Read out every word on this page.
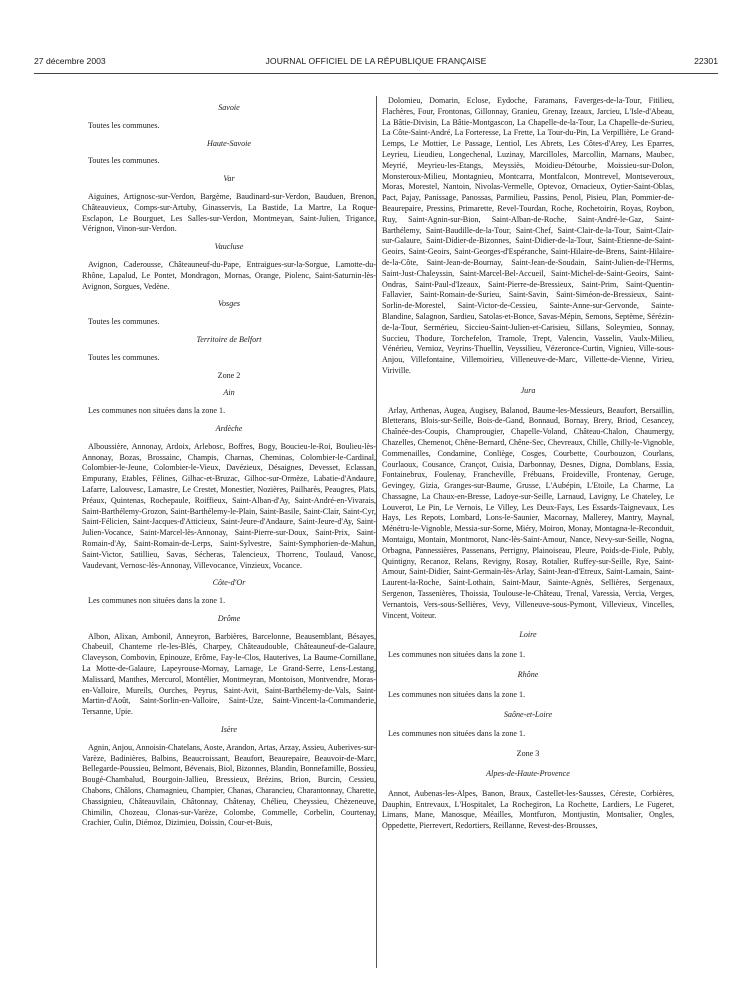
27 décembre 2003	JOURNAL OFFICIEL DE LA RÉPUBLIQUE FRANÇAISE	22301
Savoie
Toutes les communes.
Haute-Savoie
Toutes les communes.
Var
Aiguines, Artignosc-sur-Verdon, Bargème, Baudinard-sur-Verdon, Bauduen, Brenon, Châteauvieux, Comps-sur-Artuby, Ginasservis, La Bastide, La Martre, La Roque-Esclapon, Le Bourguet, Les Salles-sur-Verdon, Montmeyan, Saint-Julien, Trigance, Vérignon, Vinon-sur-Verdon.
Vaucluse
Avignon, Caderousse, Châteauneuf-du-Pape, Entraigues-sur-la-Sorgue, Lamotte-du-Rhône, Lapalud, Le Pontet, Mondragon, Mornas, Orange, Piolenc, Saint-Saturnin-lès-Avignon, Sorgues, Vedène.
Vosges
Toutes les communes.
Territoire de Belfort
Toutes les communes.
Zone 2
Ain
Les communes non situées dans la zone 1.
Ardèche
Alboussière, Annonay, Ardoix, Arlebosc, Boffres, Bogy, Boucieu-le-Roi, Boulieu-lès-Annonay, Bozas, Brossainc, Champis, Charnas, Cheminas, Colombier-le-Cardinal, Colombier-le-Jeune, Colombier-le-Vieux, Davézieux, Désaignes, Devesset, Eclassan, Empurany, Etables, Félines, Gilhac-et-Bruzac, Gilhoc-sur-Ormèze, Labatie-d'Andaure, Lafarre, Lalouvesc, Lamastre, Le Crestet, Monestier, Nozières, Pailharès, Peaugres, Plats, Préaux, Quintenas, Rochepaule, Roiffieux, Saint-Alban-d'Ay, Saint-André-en-Vivarais, Saint-Barthélemy-Grozon, Saint-Barthélemy-le-Plain, Saint-Basile, Saint-Clair, Saint-Cyr, Saint-Félicien, Saint-Jacques-d'Atticieux, Saint-Jeure-d'Andaure, Saint-Jeure-d'Ay, Saint-Julien-Vocance, Saint-Marcel-lès-Annonay, Saint-Pierre-sur-Doux, Saint-Prix, Saint-Romain-d'Ay, Saint-Romain-de-Lerps, Saint-Sylvestre, Saint-Symphorien-de-Mahun, Saint-Victor, Satillieu, Savas, Sécheras, Talencieux, Thorrenc, Toulaud, Vanosc, Vaudevant, Vernosc-lès-Annonay, Villevocance, Vinzieux, Vocance.
Côte-d'Or
Les communes non situées dans la zone 1.
Drôme
Albon, Alixan, Ambonil, Anneyron, Barbières, Barcelonne, Beausemblant, Bésayes, Chabeuil, Chanteme rle-les-Blés, Charpey, Châteaudouble, Châteauneuf-de-Galaure, Claveyson, Combovin, Epinouze, Erôme, Fay-le-Clos, Hauterives, La Baume-Cornillane, La Motte-de-Galaure, Lapeyrouse-Mornay, Larnage, Le Grand-Serre, Lens-Lestang, Malissard, Manthes, Mercurol, Montélier, Montmeyran, Montoison, Montvendre, Moras-en-Valloire, Mureils, Ourches, Peyrus, Saint-Avit, Saint-Barthélemy-de-Vals, Saint-Martin-d'Août, Saint-Sorlin-en-Valloire, Saint-Uze, Saint-Vincent-la-Commanderie, Tersanne, Upie.
Isère
Agnin, Anjou, Annoisin-Chatelans, Aoste, Arandon, Artas, Arzay, Assieu, Auberives-sur-Varèze, Badinières, Balbins, Beaucroissant, Beaufort, Beaurepaire, Beauvoir-de-Marc, Bellegarde-Poussieu, Belmont, Bévenais, Biol, Bizonnes, Blandin, Bonnefamille, Bossieu, Bougé-Chambalud, Bourgoin-Jallieu, Bressieux, Brézins, Brion, Burcin, Cessieu, Chabons, Châlons, Chamagnieu, Champier, Chanas, Charancieu, Charantonnay, Charette, Chassignieu, Châteauvilain, Châtonnay, Châtenay, Chélieu, Cheyssieu, Chèzeneuve, Chimilin, Chozeau, Clonas-sur-Varèze, Colombe, Commelle, Corbelin, Courtenay, Crachier, Culin, Diémoz, Dizimieu, Doissin, Cour-et-Buis,
Dolomieu, Domarin, Eclose, Eydoche, Faramans, Faverges-de-la-Tour, Fitilieu, Flachères, Four, Frontonas, Gillonnay, Granieu, Grenay, Izeaux, Jarcieu, L'Isle-d'Abeau, La Bâtie-Divisin, La Bâtie-Montgascon, La Chapelle-de-la-Tour, La Chapelle-de-Surieu, La Côte-Saint-André, La Forteresse, La Frette, La Tour-du-Pin, La Verpillière, Le Grand-Lemps, Le Mottier, Le Passage, Lentiol, Les Abrets, Les Côtes-d'Arey, Les Eparres, Leyrieu, Lieudieu, Longechenal, Luzinay, Marcilloles, Marcollin, Marnans, Maubec, Meyrié, Meyrieu-les-Etangs, Meyssiès, Moidieu-Détourbe, Moissieu-sur-Dolon, Monsteroux-Milieu, Montagnieu, Montcarra, Montfalcon, Montrevel, Montseveroux, Moras, Morestel, Nantoin, Nivolas-Vermelle, Optevoz, Ornacieux, Oytier-Saint-Oblas, Pact, Pajay, Panissage, Panossas, Parmilieu, Passins, Penol, Pisieu, Plan, Pommier-de-Beaurepaire, Pressins, Primarette, Revel-Tourdan, Roche, Rochetoirin, Royas, Roybon, Ruy, Saint-Agnin-sur-Bion, Saint-Alban-de-Roche, Saint-André-le-Gaz, Saint-Barthélemy, Saint-Baudille-de-la-Tour, Saint-Chef, Saint-Clair-de-la-Tour, Saint-Clair-sur-Galaure, Saint-Didier-de-Bizonnes, Saint-Didier-de-la-Tour, Saint-Etienne-de-Saint-Geoirs, Saint-Geoirs, Saint-Georges-d'Espéranche, Saint-Hilaire-de-Brens, Saint-Hilaire-de-la-Côte, Saint-Jean-de-Bournay, Saint-Jean-de-Soudain, Saint-Julien-de-l'Herms, Saint-Just-Chaleyssin, Saint-Marcel-Bel-Accueil, Saint-Michel-de-Saint-Geoirs, Saint-Ondras, Saint-Paul-d'Izeaux, Saint-Pierre-de-Bressieux, Saint-Prim, Saint-Quentin-Fallavier, Saint-Romain-de-Surieu, Saint-Savin, Saint-Siméon-de-Bressieux, Saint-Sorlin-de-Morestel, Saint-Victor-de-Cessieu, Sainte-Anne-sur-Gervonde, Sainte-Blandine, Salagnon, Sardieu, Satolas-et-Bonce, Savas-Mépin, Semons, Septème, Sérézin-de-la-Tour, Sermérieu, Siccieu-Saint-Julien-et-Carisieu, Sillans, Soleymieu, Sonnay, Succieu, Thodure, Torchefelon, Tramole, Trept, Valencin, Vasselin, Vaulx-Milieu, Vénérieu, Vernioz, Veyrins-Thuellin, Veyssilieu, Vézeronce-Curtin, Vignieu, Ville-sous-Anjou, Villefontaine, Villemoirieu, Villeneuve-de-Marc, Villette-de-Vienne, Virieu, Viriville.
Jura
Arlay, Arthenas, Augea, Augisey, Balanod, Baume-les-Messieurs, Beaufort, Bersaillin, Bletterans, Blois-sur-Seille, Bois-de-Gand, Bonnaud, Bornay, Brery, Briod, Cesancey, Chaînée-des-Coupis, Champrougier, Chapelle-Voland, Château-Chalon, Chaumergy, Chazelles, Chemenot, Chêne-Bernard, Chêne-Sec, Chevreaux, Chille, Chilly-le-Vignoble, Commenailles, Condamine, Conliège, Cosges, Courbette, Courbouzon, Courlans, Courlaoux, Cousance, Crançot, Cuisia, Darbonnay, Desnes, Digna, Domblans, Essia, Fontainebrux, Foulenay, Francheville, Frébuans, Froideville, Frontenay, Geruge, Gevingey, Gizia, Granges-sur-Baume, Grusse, L'Aubépin, L'Etoile, La Charme, La Chassagne, La Chaux-en-Bresse, Ladoye-sur-Seille, Larnaud, Lavigny, Le Chateley, Le Louverot, Le Pin, Le Vernois, Le Villey, Les Deux-Fays, Les Essards-Taignevaux, Les Hays, Les Repots, Lombard, Lons-le-Saunier, Macornay, Mallerey, Mantry, Maynal, Ménétru-le-Vignoble, Messia-sur-Sorne, Miéry, Moiron, Monay, Montagna-le-Reconduit, Montaigu, Montain, Montmorot, Nanc-lès-Saint-Amour, Nance, Nevy-sur-Seille, Nogna, Orbagna, Pannessières, Passenans, Perrigny, Plainoiseau, Pleure, Poids-de-Fiole, Publy, Quintigny, Recanoz, Relans, Revigny, Rosay, Rotalier, Ruffey-sur-Seille, Rye, Saint-Amour, Saint-Didier, Saint-Germain-lès-Arlay, Saint-Jean-d'Etreux, Saint-Lamain, Saint-Laurent-la-Roche, Saint-Lothain, Saint-Maur, Sainte-Agnès, Sellières, Sergenaux, Sergenon, Tassenières, Thoissia, Toulouse-le-Château, Trenal, Varessia, Vercia, Verges, Vernantois, Vers-sous-Sellières, Vevy, Villeneuve-sous-Pymont, Villevieux, Vincelles, Vincent, Voiteur.
Loire
Les communes non situées dans la zone 1.
Rhône
Les communes non situées dans la zone 1.
Saône-et-Loire
Les communes non situées dans la zone 1.
Zone 3
Alpes-de-Haute-Provence
Annot, Aubenas-les-Alpes, Banon, Braux, Castellet-les-Sausses, Céreste, Corbières, Dauphin, Entrevaux, L'Hospitalet, La Rochegiron, La Rochette, Lardiers, Le Fugeret, Limans, Mane, Manosque, Méailles, Montfuron, Montjustin, Montsalier, Ongles, Oppedette, Pierrevert, Redortiers, Reillanne, Revest-des-Brousses,
